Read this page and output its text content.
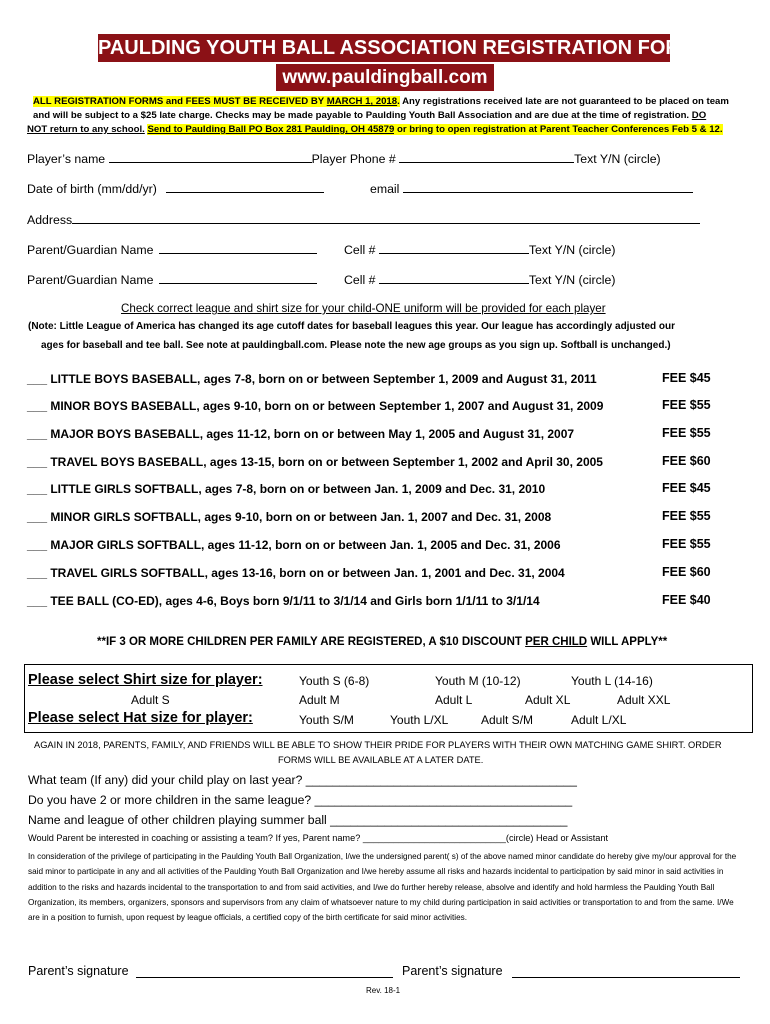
PAULDING YOUTH BALL ASSOCIATION REGISTRATION FORM
www.pauldingball.com
ALL REGISTRATION FORMS and FEES MUST BE RECEIVED BY MARCH 1, 2018. Any registrations received late are not guaranteed to be placed on team
and will be subject to a $25 late charge. Checks may be made payable to Paulding Youth Ball Association and are due at the time of registration. DO
NOT return to any school. Send to Paulding Ball PO Box 281 Paulding, OH 45879 or bring to open registration at Parent Teacher Conferences Feb 5 & 12.
Player’s name	Player Phone #	Text Y/N (circle)
Date of birth (mm/dd/yr)	email
Address
Parent/Guardian Name	Cell #	Text Y/N (circle)
Parent/Guardian Name	Cell #	Text Y/N (circle)
Check correct league and shirt size for your child-ONE uniform will be provided for each player
(Note: Little League of America has changed its age cutoff dates for baseball leagues this year. Our league has accordingly adjusted our
ages for baseball and tee ball. See note at pauldingball.com. Please note the new age groups as you sign up. Softball is unchanged.)
___ LITTLE BOYS BASEBALL, ages 7-8, born on or between September 1, 2009 and August 31, 2011	FEE $45
___ MINOR BOYS BASEBALL, ages 9-10, born on or between September 1, 2007 and August 31, 2009	FEE $55
___ MAJOR BOYS BASEBALL, ages 11-12, born on or between May 1, 2005 and August 31, 2007	FEE $55
___ TRAVEL BOYS BASEBALL, ages 13-15, born on or between September 1, 2002 and April 30, 2005	FEE $60
___ LITTLE GIRLS SOFTBALL, ages 7-8, born on or between Jan. 1, 2009 and Dec. 31, 2010	FEE $45
___ MINOR GIRLS SOFTBALL, ages 9-10, born on or between Jan. 1, 2007 and Dec. 31, 2008	FEE $55
___ MAJOR GIRLS SOFTBALL, ages 11-12, born on or between Jan. 1, 2005 and Dec. 31, 2006	FEE $55
___ TRAVEL GIRLS SOFTBALL, ages 13-16, born on or between Jan. 1, 2001 and Dec. 31, 2004	FEE $60
___ TEE BALL (CO-ED), ages 4-6, Boys born 9/1/11 to 3/1/14 and Girls born 1/1/11 to 3/1/14	FEE $40
**IF 3 OR MORE CHILDREN PER FAMILY ARE REGISTERED, A $10 DISCOUNT PER CHILD WILL APPLY**
Please select Shirt size for player:	Youth S (6-8)	Youth M (10-12)	Youth L (14-16)
Adult S	Adult M	Adult L	Adult XL	Adult XXL
Please select Hat size for player:	Youth S/M	Youth L/XL	Adult S/M	Adult L/XL
AGAIN IN 2018, PARENTS, FAMILY, AND FRIENDS WILL BE ABLE TO SHOW THEIR PRIDE FOR PLAYERS WITH THEIR OWN MATCHING GAME SHIRT. ORDER
FORMS WILL BE AVAILABLE AT A LATER DATE.
What team (If any) did your child play on last year? ________________________________________
Do you have 2 or more children in the same league? ______________________________________
Name and league of other children playing summer ball ___________________________________
Would Parent be interested in coaching or assisting a team? If yes, Parent name? ____________________________(circle) Head or Assistant
In consideration of the privilege of participating in the Paulding Youth Ball Organization, I/we the undersigned parent( s) of the above named minor candidate do hereby give my/our approval for the said minor to participate in any and all activities of the Paulding Youth Ball Organization and I/we hereby assume all risks and hazards incidental to participation by said minor in said activities in addition to the risks and hazards incidental to the transportation to and from said activities, and I/we do further hereby release, absolve and identify and hold harmless the Paulding Youth Ball Organization, its members, organizers, sponsors and supervisors from any claim of whatsoever nature to my child during participation in said activities or transportation to and from the same. I/We are in a position to furnish, upon request by league officials, a certified copy of the birth certificate for said minor activities.
Parent’s signature	Parent’s signature
Rev. 18-1
